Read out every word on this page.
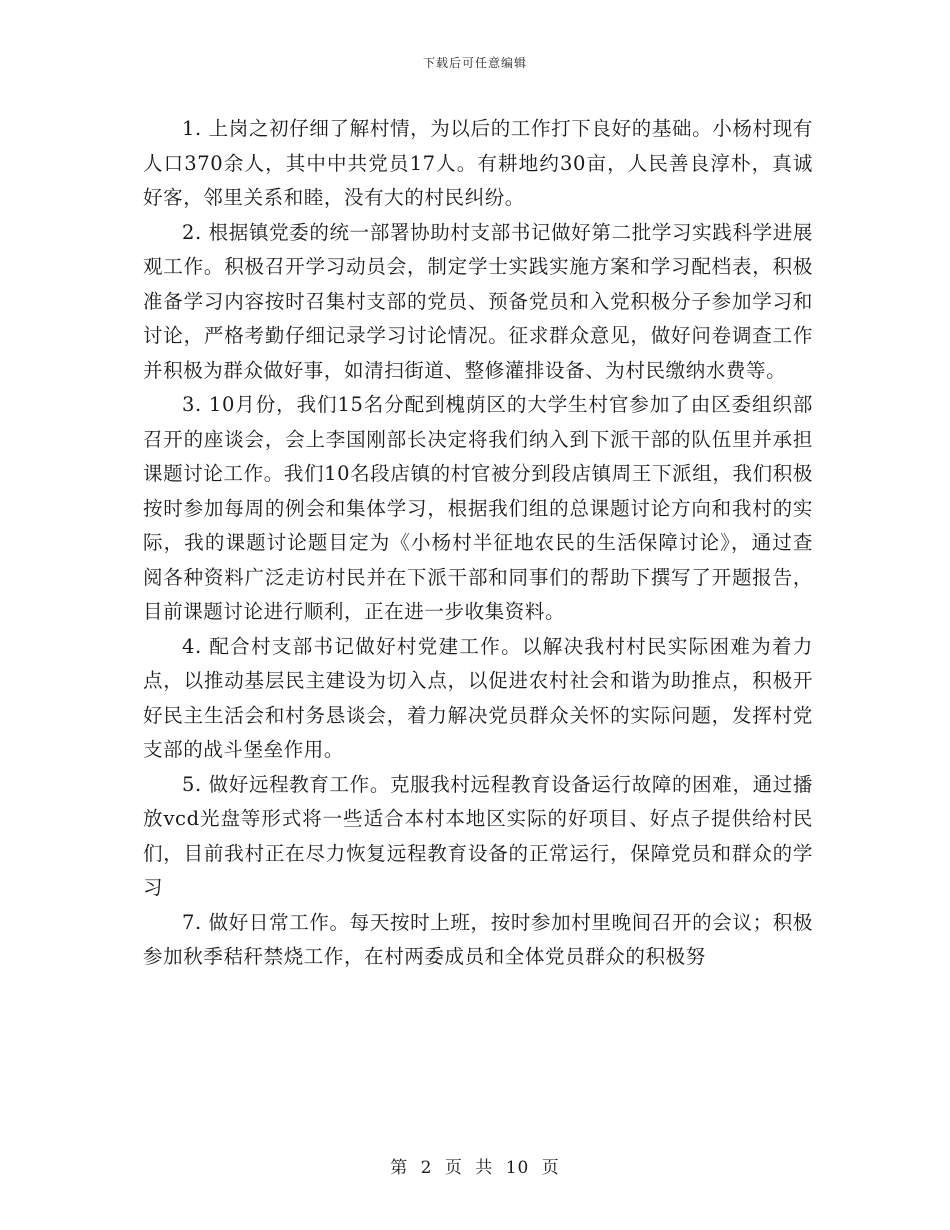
下载后可任意编辑

1. 上岗之初仔细了解村情，为以后的工作打下良好的基础。小杨村现有人口370余人，其中中共党员17人。有耕地约30亩，人民善良淳朴，真诚好客，邻里关系和睦，没有大的村民纠纷。

2. 根据镇党委的统一部署协助村支部书记做好第二批学习实践科学进展观工作。积极召开学习动员会，制定学士实践实施方案和学习配档表，积极准备学习内容按时召集村支部的党员、预备党员和入党积极分子参加学习和讨论，严格考勤仔细记录学习讨论情况。征求群众意见，做好问卷调查工作并积极为群众做好事，如清扫街道、整修灌排设备、为村民缴纳水费等。

3. 10月份，我们15名分配到槐荫区的大学生村官参加了由区委组织部召开的座谈会，会上李国刚部长决定将我们纳入到下派干部的队伍里并承担课题讨论工作。我们10名段店镇的村官被分到段店镇周王下派组，我们积极按时参加每周的例会和集体学习，根据我们组的总课题讨论方向和我村的实际，我的课题讨论题目定为《小杨村半征地农民的生活保障讨论》，通过查阅各种资料广泛走访村民并在下派干部和同事们的帮助下撰写了开题报告，目前课题讨论进行顺利，正在进一步收集资料。

4. 配合村支部书记做好村党建工作。以解决我村村民实际困难为着力点，以推动基层民主建设为切入点，以促进农村社会和谐为助推点，积极开好民主生活会和村务恳谈会，着力解决党员群众关怀的实际问题，发挥村党支部的战斗堡垒作用。

5. 做好远程教育工作。克服我村远程教育设备运行故障的困难，通过播放vcd光盘等形式将一些适合本村本地区实际的好项目、好点子提供给村民们，目前我村正在尽力恢复远程教育设备的正常运行，保障党员和群众的学习

7. 做好日常工作。每天按时上班，按时参加村里晚间召开的会议；积极参加秋季秸秆禁烧工作，在村两委成员和全体党员群众的积极努

第 2 页 共 10 页
